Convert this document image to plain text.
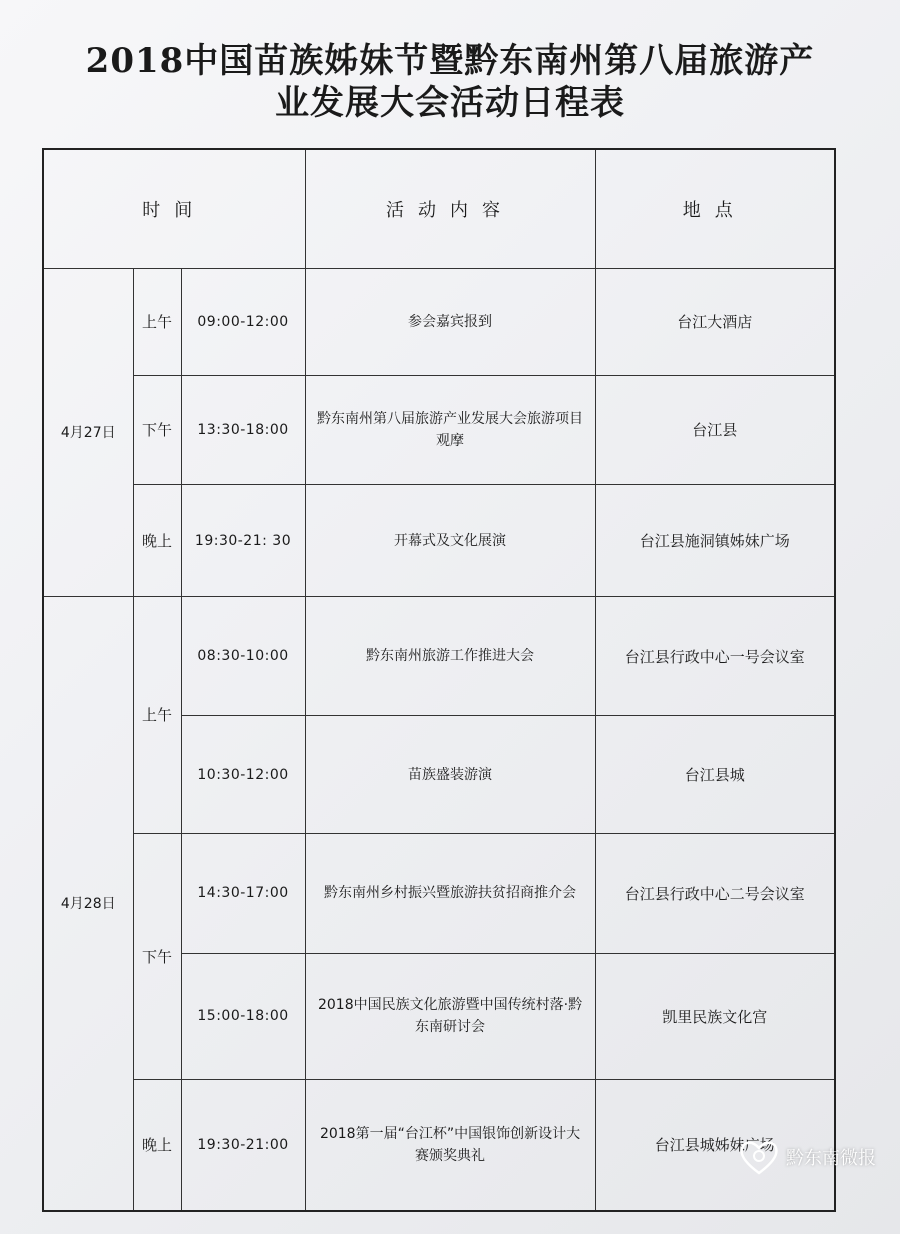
2018中国苗族姊妹节暨黔东南州第八届旅游产
业发展大会活动日程表
时间			活动内容	地点
4月27日	上午	09:00-12:00	参会嘉宾报到	台江大酒店
	下午	13:30-18:00	黔东南州第八届旅游产业发展大会旅游项目观摩	台江县
	晚上	19:30-21: 30	开幕式及文化展演	台江县施洞镇姊妹广场
4月28日	上午	08:30-10:00	黔东南州旅游工作推进大会	台江县行政中心一号会议室
		10:30-12:00	苗族盛装游演	台江县城
	下午	14:30-17:00	黔东南州乡村振兴暨旅游扶贫招商推介会	台江县行政中心二号会议室
		15:00-18:00	2018中国民族文化旅游暨中国传统村落·黔东南研讨会	凯里民族文化宫
	晚上	19:30-21:00	2018第一届“台江杯”中国银饰创新设计大赛颁奖典礼	台江县城姊妹广场
黔东南微报
